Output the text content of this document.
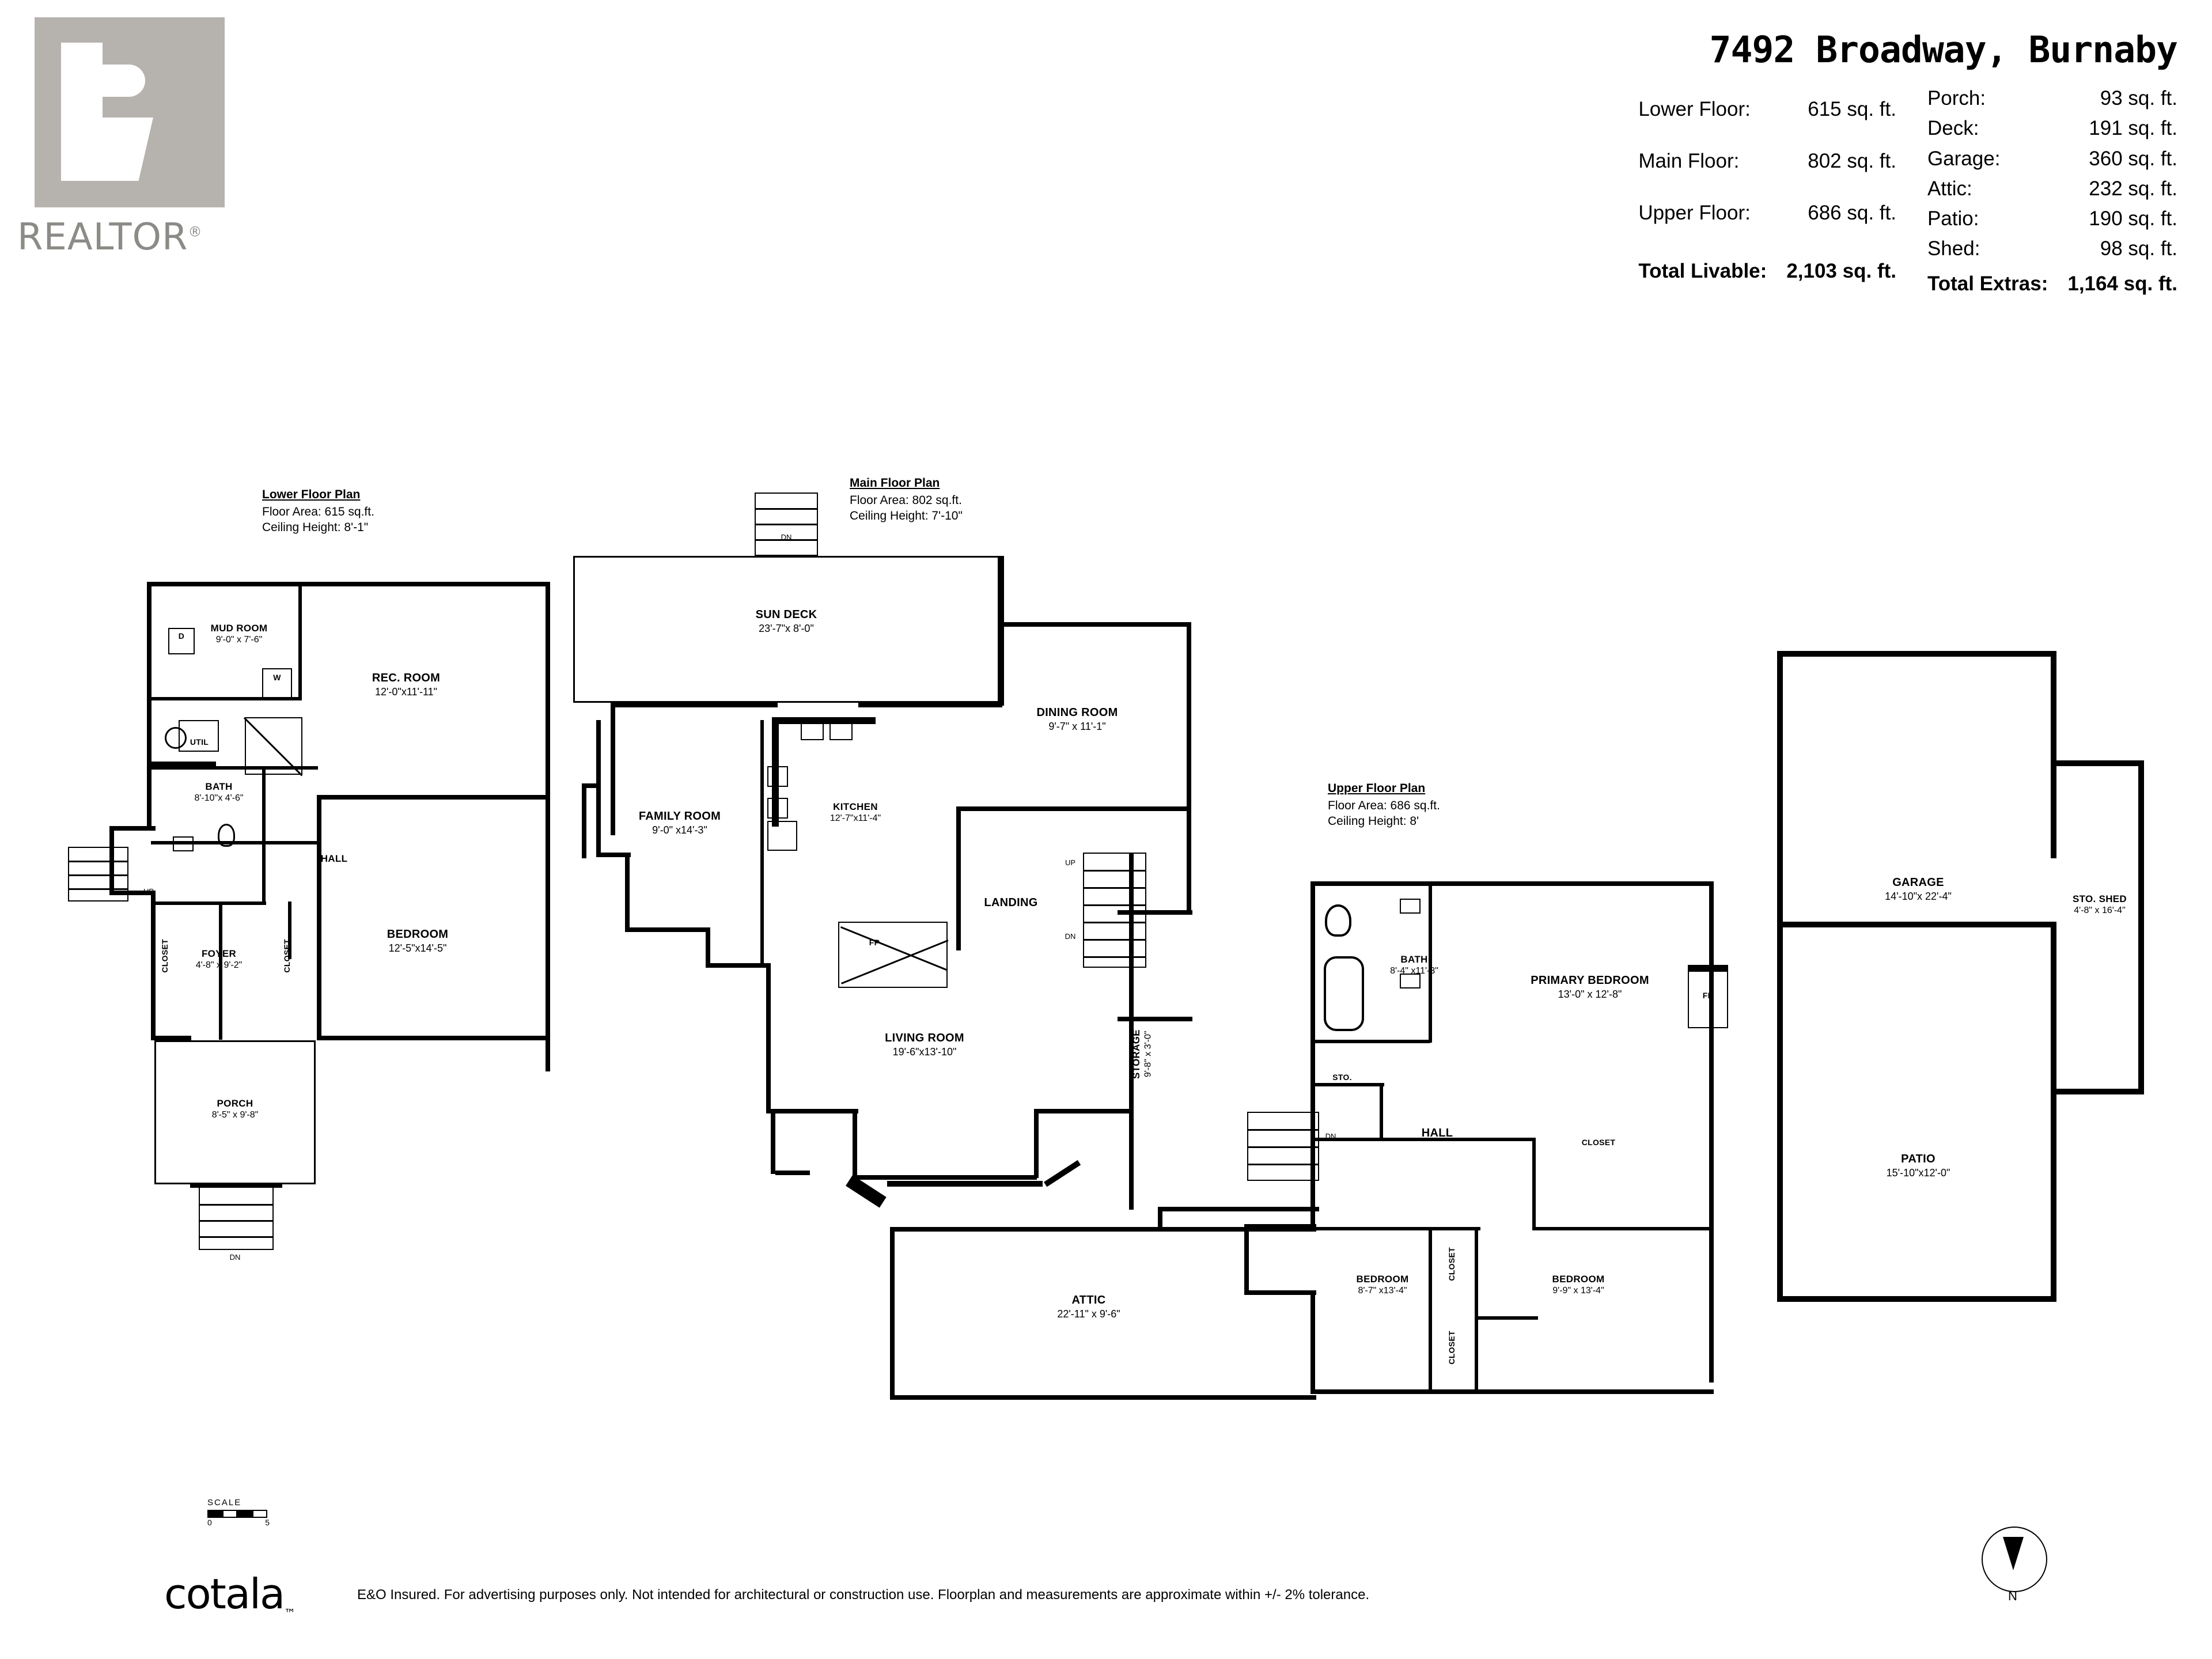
REALTOR®
7492 Broadway, Burnaby
Lower Floor:	615 sq. ft.
Main Floor:	802 sq. ft.
Upper Floor:	686 sq. ft.
Total Livable:	2,103 sq. ft.
Porch:	93 sq. ft.
Deck:	191 sq. ft.
Garage:	360 sq. ft.
Attic:	232 sq. ft.
Patio:	190 sq. ft.
Shed:	98 sq. ft.
Total Extras:	1,164 sq. ft.
Lower Floor Plan
Floor Area: 615 sq.ft.
Ceiling Height: 8'-1"
MUD ROOM
9'-0" x 7'-6"
REC. ROOM
12'-0"x11'-11"
BATH
8'-10"x 4'-6"
HALL
BEDROOM
12'-5"x14'-5"
FOYER
4'-8" x 9'-2"
PORCH
8'-5" x 9'-8"
CLOSET	CLOSET
UTIL
D
W
UP
DN
Main Floor Plan
Floor Area: 802 sq.ft.
Ceiling Height: 7'-10"
DN
FP
UP
DN
SUN DECK
23'-7"x 8'-0"
DINING ROOM
9'-7" x 11'-1"
FAMILY ROOM
9'-0" x14'-3"
KITCHEN
12'-7"x11'-4"
LANDING
LIVING ROOM
19'-6"x13'-10"	STORAGE 9'-8" x 3'-0"
Upper Floor Plan
Floor Area: 686 sq.ft.
Ceiling Height: 8'
FP
DN
BATH
8'-4" x11'-3"
PRIMARY BEDROOM
13'-0" x 12'-8"
HALL
STO.
CLOSET
CLOSET
CLOSET
ATTIC
22'-11" x 9'-6"
BEDROOM
8'-7" x13'-4"
BEDROOM
9'-9" x 13'-4"
GARAGE
14'-10"x 22'-4"	STO. SHED
4'-8" x 16'-4"
PATIO
15'-10"x12'-0"
SCALE
0	5
cotala$_™$
E&O Insured. For advertising purposes only. Not intended for architectural or construction use. Floorplan and measurements are approximate within +/- 2% tolerance.	N
